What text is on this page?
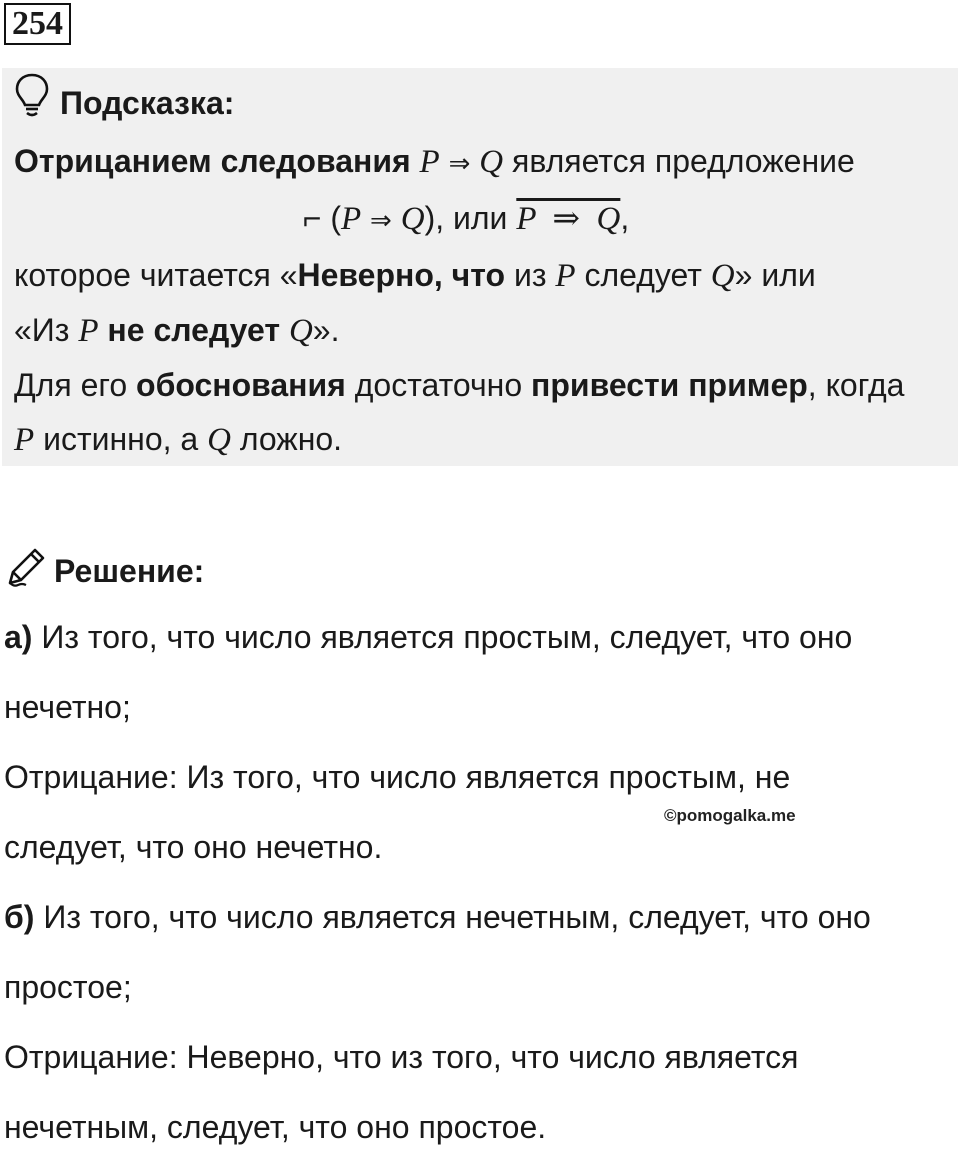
254
Подсказка:
Отрицанием следования P ⇒ Q является предложение
⌐ (P ⇒ Q), или P  ⇒  Q,
которое читается «Неверно, что из P следует Q» или
«Из P не следует Q».
Для его обоснования достаточно привести пример, когда
P истинно, а Q ложно.
Решение:

а) Из того, что число является простым, следует, что оно

нечетно;

Отрицание: Из того, что число является простым, не

следует, что оно нечетно.

б) Из того, что число является нечетным, следует, что оно

простое;

Отрицание: Неверно, что из того, что число является

нечетным, следует, что оно простое.

©pomogalka.me
